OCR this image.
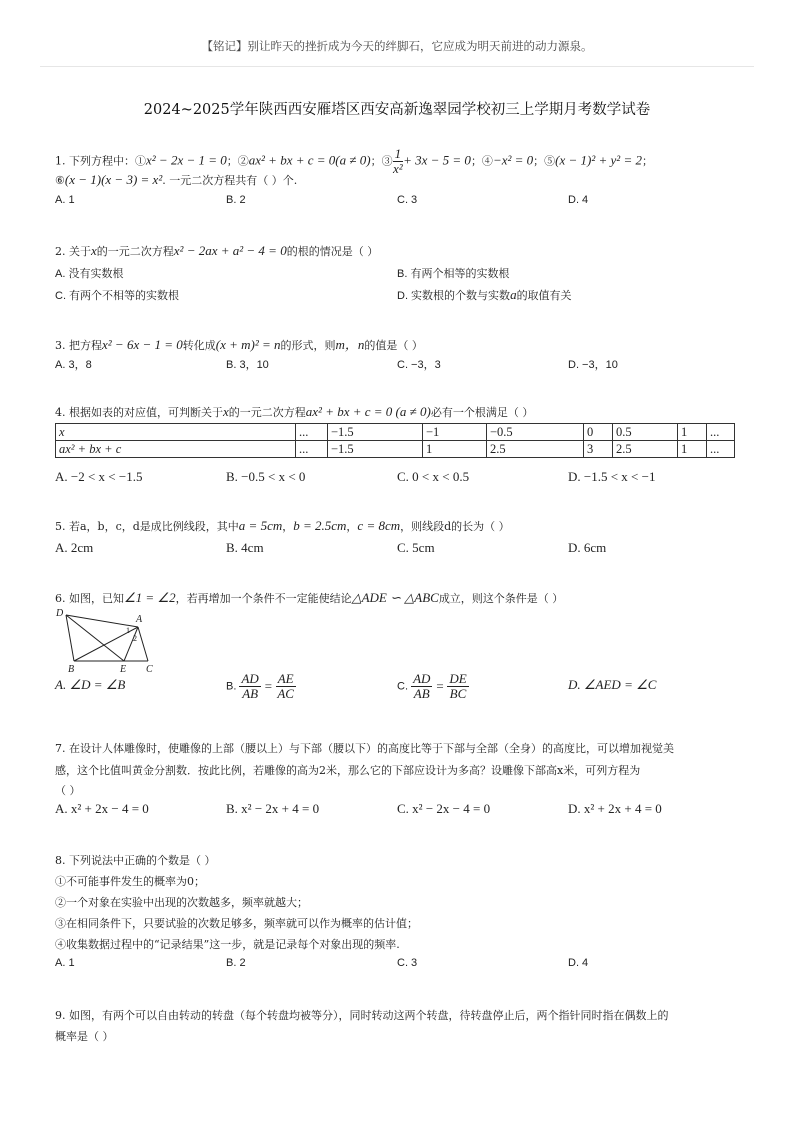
【铭记】别让昨天的挫折成为今天的绊脚石，它应成为明天前进的动力源泉。
2024~2025学年陕西西安雁塔区西安高新逸翠园学校初三上学期月考数学试卷
1. 下列方程中：①x² − 2x − 1 = 0；②ax² + bx + c = 0(a ≠ 0)；③ $\frac{1}{\text{x²}} + 3x - 5 = 0$；④−x² = 0；⑤(x − 1)² + y² = 2；
⑥(x − 1)(x − 3) = x². 一元二次方程共有（ ）个.
A. 1	B. 2	C. 3	D. 4
2. 关于x的一元二次方程x² − 2ax + a² − 4 = 0的根的情况是（ ）
A. 没有实数根	B. 有两个相等的实数根
C. 有两个不相等的实数根	D. 实数根的个数与实数a的取值有关
3. 把方程x² − 6x − 1 = 0转化成(x + m)² = n的形式，则m，n的值是（ ）
A. 3，8	B. 3，10	C. −3，3	D. −3，10
4. 根据如表的对应值，可判断关于x的一元二次方程ax² + bx + c = 0 (a ≠ 0)必有一个根满足（ ）
x	...	−1.5	−1	−0.5	0	0.5	1	...
ax² + bx + c	...	−1.5	1	2.5	3	2.5	1	...
A. −2 < x < −1.5	B. −0.5 < x < 0	C. 0 < x < 0.5	D. −1.5 < x < −1
5. 若a，b，c，d是成比例线段，其中a = 5cm，b = 2.5cm，c = 8cm，则线段d的长为（ ）
A. 2cm	B. 4cm	C. 5cm	D. 6cm
6. 如图，已知∠1 = ∠2，若再增加一个条件不一定能使结论△ADE ∽ △ABC成立，则这个条件是（ ）
D
A
1
2
B	E C
A. ∠D = ∠B	B. $\frac{AD}{AB} = \frac{AE}{AC}$	C. $\frac{AD}{AB} = \frac{DE}{BC}$	D. ∠AED = ∠C
7. 在设计人体雕像时，使雕像的上部（腰以上）与下部（腰以下）的高度比等于下部与全部（全身）的高度比，可以增加视觉美
感，这个比值叫黄金分割数．按此比例，若雕像的高为2米，那么它的下部应设计为多高？设雕像下部高x米，可列方程为
（ ）
A. x² + 2x − 4 = 0	B. x² − 2x + 4 = 0	C. x² − 2x − 4 = 0	D. x² + 2x + 4 = 0
8. 下列说法中正确的个数是（ ）
①不可能事件发生的概率为0；
②一个对象在实验中出现的次数越多，频率就越大；
③在相同条件下，只要试验的次数足够多，频率就可以作为概率的估计值；
④收集数据过程中的“记录结果”这一步，就是记录每个对象出现的频率.
A. 1	B. 2	C. 3	D. 4
9. 如图，有两个可以自由转动的转盘（每个转盘均被等分），同时转动这两个转盘，待转盘停止后，两个指针同时指在偶数上的
概率是（ ）
